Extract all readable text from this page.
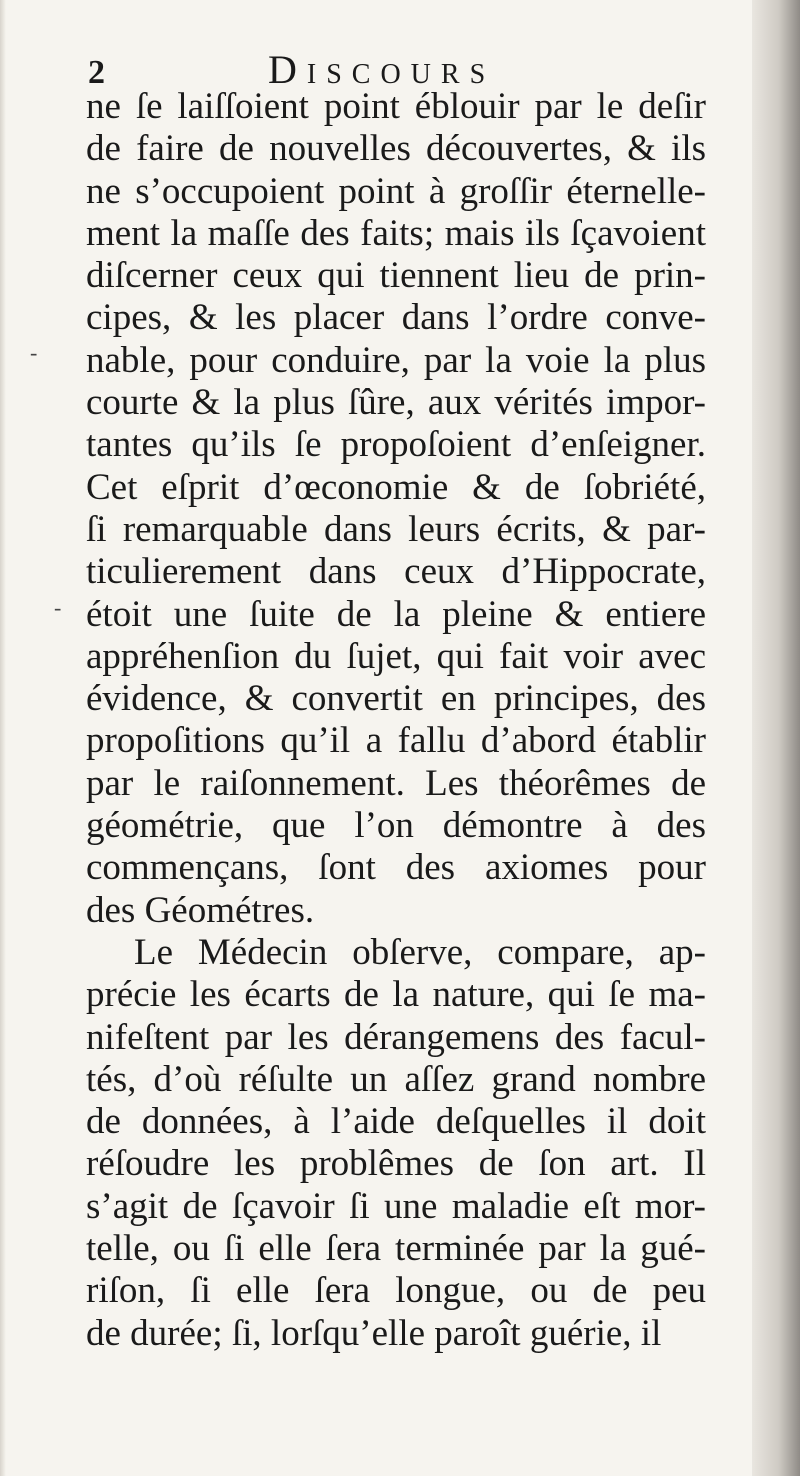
2	Discours
ne ſe laiſſoient point éblouir par le deſir
de faire de nouvelles découvertes, & ils
ne s’occupoient point à groſſir éternelle-
ment la maſſe des faits; mais ils ſçavoient
diſcerner ceux qui tiennent lieu de prin-
cipes, & les placer dans l’ordre conve-
nable, pour conduire, par la voie la plus
courte & la plus ſûre, aux vérités impor-
tantes qu’ils ſe propoſoient d’enſeigner.
Cet eſprit d’œconomie & de ſobriété,
ſi remarquable dans leurs écrits, & par-
ticulierement dans ceux d’Hippocrate,
étoit une ſuite de la pleine & entiere
appréhenſion du ſujet, qui fait voir avec
évidence, & convertit en principes, des
propoſitions qu’il a fallu d’abord établir
par le raiſonnement. Les théorêmes de
géométrie, que l’on démontre à des
commençans, ſont des axiomes pour
des Géométres.
Le Médecin obſerve, compare, ap-
précie les écarts de la nature, qui ſe ma-
nifeſtent par les dérangemens des facul-
tés, d’où réſulte un aſſez grand nombre
de données, à l’aide deſquelles il doit
réſoudre les problêmes de ſon art. Il
s’agit de ſçavoir ſi une maladie eſt mor-
telle, ou ſi elle ſera terminée par la gué-
riſon, ſi elle ſera longue, ou de peu
de durée; ſi, lorſqu’elle paroît guérie, il
-
-
